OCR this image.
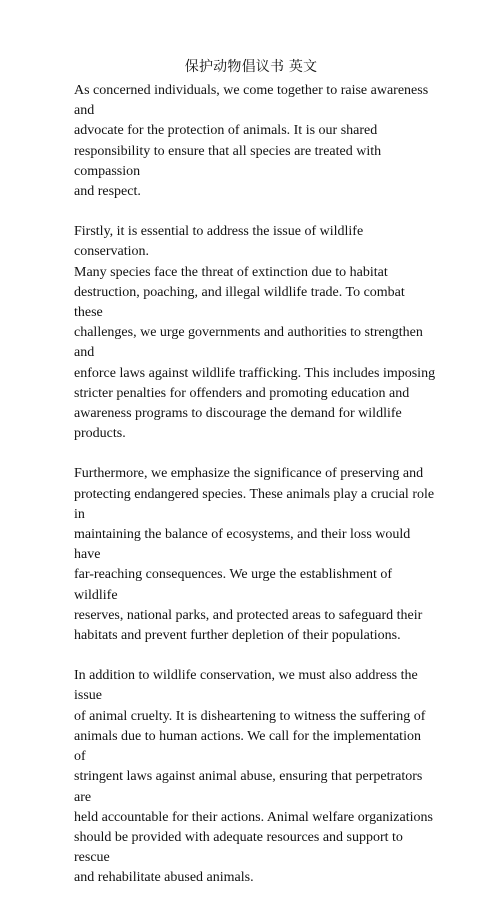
保护动物倡议书 英文

As concerned individuals, we come together to raise awareness and
advocate for the protection of animals. It is our shared
responsibility to ensure that all species are treated with compassion
and respect.

Firstly, it is essential to address the issue of wildlife conservation.
Many species face the threat of extinction due to habitat
destruction, poaching, and illegal wildlife trade. To combat these
challenges, we urge governments and authorities to strengthen and
enforce laws against wildlife trafficking. This includes imposing
stricter penalties for offenders and promoting education and
awareness programs to discourage the demand for wildlife
products.

Furthermore, we emphasize the significance of preserving and
protecting endangered species. These animals play a crucial role in
maintaining the balance of ecosystems, and their loss would have
far-reaching consequences. We urge the establishment of wildlife
reserves, national parks, and protected areas to safeguard their
habitats and prevent further depletion of their populations.

In addition to wildlife conservation, we must also address the issue
of animal cruelty. It is disheartening to witness the suffering of
animals due to human actions. We call for the implementation of
stringent laws against animal abuse, ensuring that perpetrators are
held accountable for their actions. Animal welfare organizations
should be provided with adequate resources and support to rescue
and rehabilitate abused animals.
